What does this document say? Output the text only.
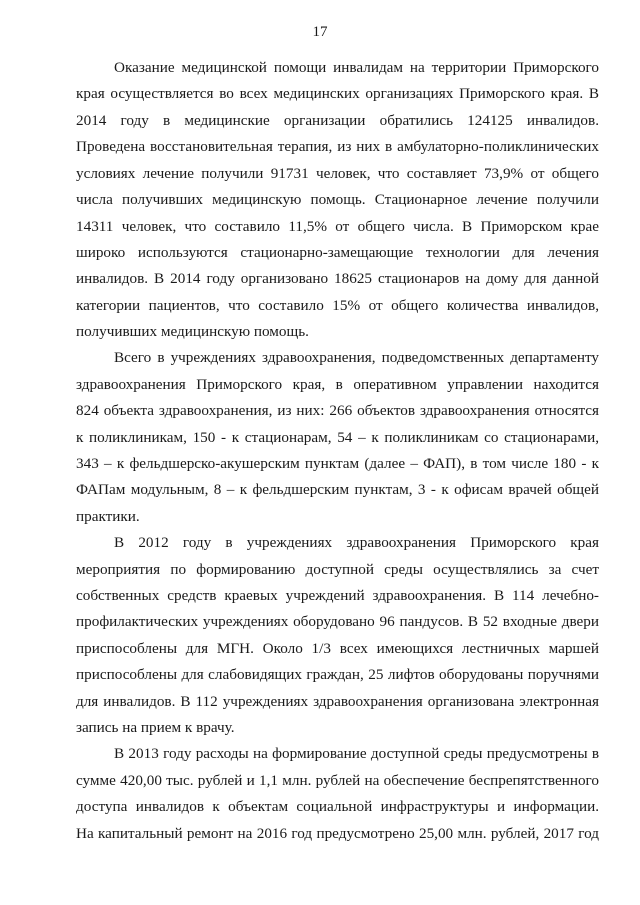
17
Оказание медицинской помощи инвалидам на территории Приморского
края осуществляется во всех медицинских организациях Приморского края. В
2014 году в медицинские организации обратились 124125 инвалидов.
Проведена восстановительная терапия, из них в амбулаторно-поликлинических
условиях лечение получили 91731 человек, что составляет 73,9% от общего
числа получивших медицинскую помощь. Стационарное лечение получили
14311 человек, что составило 11,5% от общего числа. В Приморском крае
широко используются стационарно-замещающие технологии для лечения
инвалидов. В 2014 году организовано 18625 стационаров на дому для данной
категории пациентов, что составило 15% от общего количества инвалидов,
получивших медицинскую помощь.
Всего в учреждениях здравоохранения, подведомственных департаменту
здравоохранения Приморского края, в оперативном управлении находится
824 объекта здравоохранения, из них: 266 объектов здравоохранения относятся
к поликлиникам, 150 - к стационарам, 54 – к поликлиникам со стационарами,
343 – к фельдшерско-акушерским пунктам (далее – ФАП), в том числе 180 - к
ФАПам модульным, 8 – к фельдшерским пунктам, 3 - к офисам врачей общей
практики.
В 2012 году в учреждениях здравоохранения Приморского края
мероприятия по формированию доступной среды осуществлялись за счет
собственных средств краевых учреждений здравоохранения. В 114 лечебно-
профилактических учреждениях оборудовано 96 пандусов. В 52 входные двери
приспособлены для МГН. Около 1/3 всех имеющихся лестничных маршей
приспособлены для слабовидящих граждан, 25 лифтов оборудованы поручнями
для инвалидов. В 112 учреждениях здравоохранения организована электронная
запись на прием к врачу.
В 2013 году расходы на формирование доступной среды предусмотрены в
сумме 420,00 тыс. рублей и 1,1 млн. рублей на обеспечение беспрепятственного
доступа инвалидов к объектам социальной инфраструктуры и информации.
На капитальный ремонт на 2016 год предусмотрено 25,00 млн. рублей, 2017 год
